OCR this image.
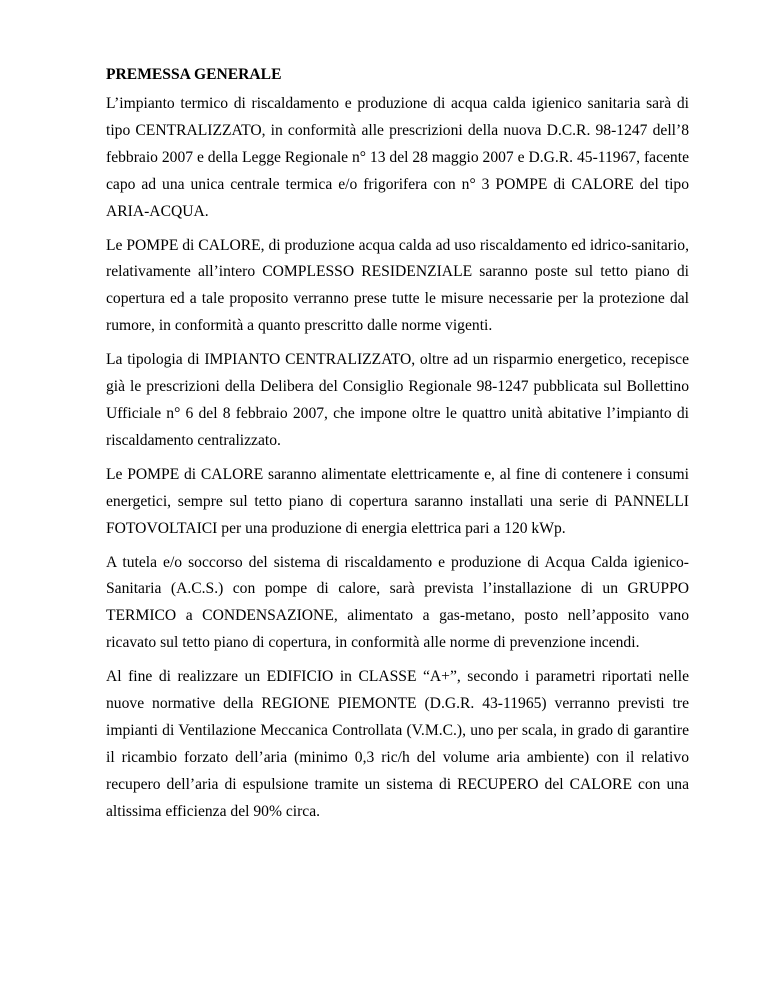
PREMESSA GENERALE

L’impianto termico di riscaldamento e produzione di acqua calda igienico sanitaria sarà di tipo CENTRALIZZATO, in conformità alle prescrizioni della nuova D.C.R. 98-1247 dell’8 febbraio 2007 e della Legge Regionale n° 13 del 28 maggio 2007 e D.G.R. 45-11967, facente capo ad una unica centrale termica e/o frigorifera con n° 3 POMPE di CALORE del tipo ARIA-ACQUA.

Le POMPE di CALORE, di produzione acqua calda ad uso riscaldamento ed idrico-sanitario, relativamente all’intero COMPLESSO RESIDENZIALE saranno poste sul tetto piano di copertura ed a tale proposito verranno prese tutte le misure necessarie per la protezione dal rumore, in conformità a quanto prescritto dalle norme vigenti.

La tipologia di IMPIANTO CENTRALIZZATO, oltre ad un risparmio energetico, recepisce già le prescrizioni della Delibera del Consiglio Regionale 98-1247 pubblicata sul Bollettino Ufficiale n° 6 del 8 febbraio 2007, che impone oltre le quattro unità abitative l’impianto di riscaldamento centralizzato.

Le POMPE di CALORE saranno alimentate elettricamente e, al fine di contenere i consumi energetici, sempre sul tetto piano di copertura saranno installati una serie di PANNELLI FOTOVOLTAICI per una produzione di energia elettrica pari a 120 kWp.

A tutela e/o soccorso del sistema di riscaldamento e produzione di Acqua Calda igienico-Sanitaria (A.C.S.) con pompe di calore, sarà prevista l’installazione di un GRUPPO TERMICO a CONDENSAZIONE, alimentato a gas-metano, posto nell’apposito vano ricavato sul tetto piano di copertura, in conformità alle norme di prevenzione incendi.

Al fine di realizzare un EDIFICIO in CLASSE “A+”, secondo i parametri riportati nelle nuove normative della REGIONE PIEMONTE (D.G.R. 43-11965) verranno previsti tre impianti di Ventilazione Meccanica Controllata (V.M.C.), uno per scala, in grado di garantire il ricambio forzato dell’aria (minimo 0,3 ric/h del volume aria ambiente) con il relativo recupero dell’aria di espulsione tramite un sistema di RECUPERO del CALORE con una altissima efficienza del 90% circa.
